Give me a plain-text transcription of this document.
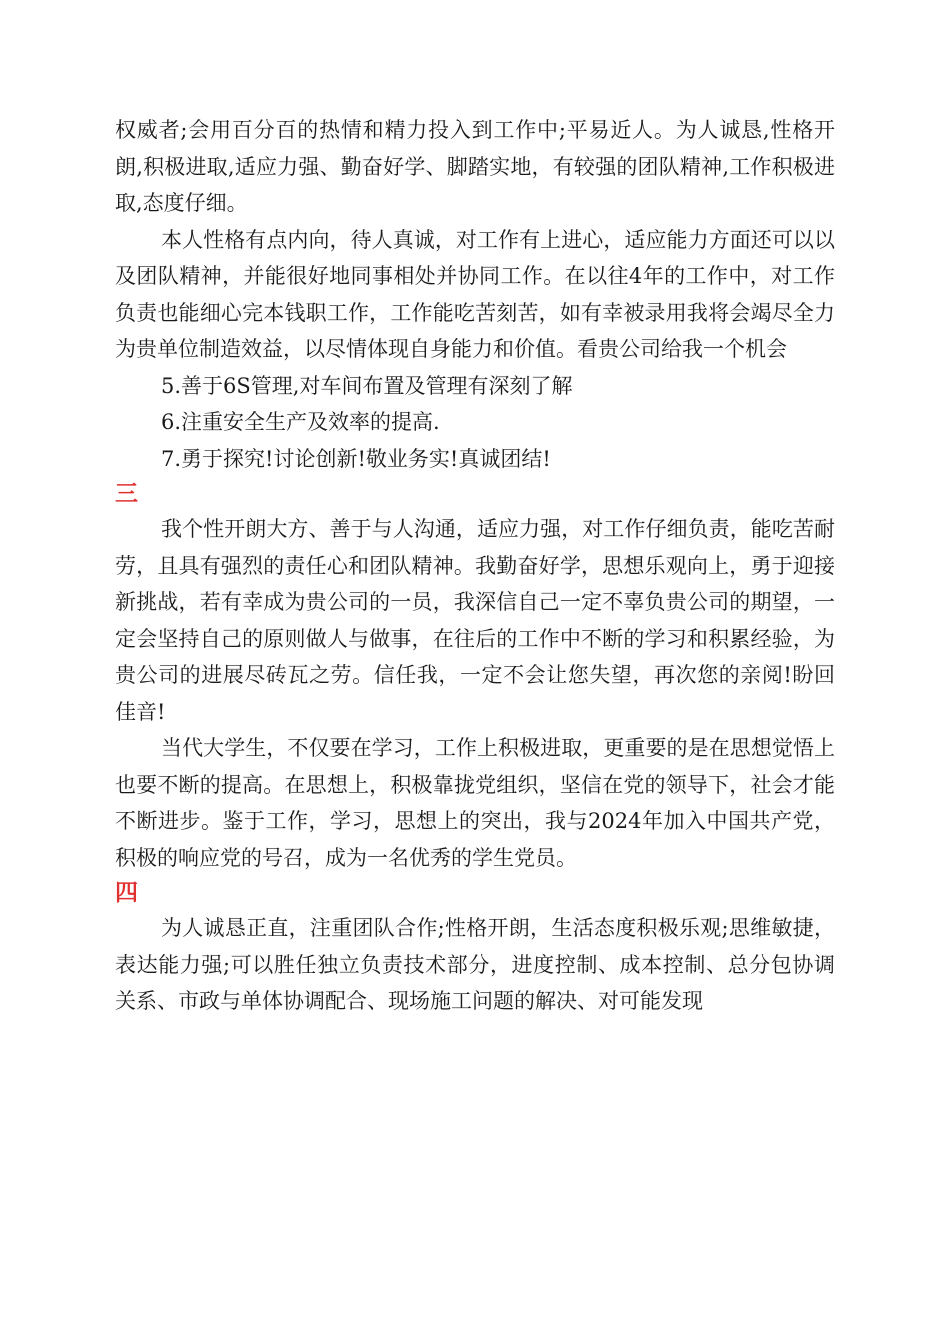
权威者;会用百分百的热情和精力投入到工作中;平易近人。为人诚恳,性格开朗,积极进取,适应力强、勤奋好学、脚踏实地，有较强的团队精神,工作积极进取,态度仔细。

本人性格有点内向，待人真诚，对工作有上进心，适应能力方面还可以以及团队精神，并能很好地同事相处并协同工作。在以往4年的工作中，对工作负责也能细心完本钱职工作，工作能吃苦刻苦，如有幸被录用我将会竭尽全力为贵单位制造效益，以尽情体现自身能力和价值。看贵公司给我一个机会

5.善于6S管理,对车间布置及管理有深刻了解

6.注重安全生产及效率的提高.

7.勇于探究!讨论创新!敬业务实!真诚团结!

三

我个性开朗大方、善于与人沟通，适应力强，对工作仔细负责，能吃苦耐劳，且具有强烈的责任心和团队精神。我勤奋好学，思想乐观向上，勇于迎接新挑战，若有幸成为贵公司的一员，我深信自己一定不辜负贵公司的期望，一定会坚持自己的原则做人与做事，在往后的工作中不断的学习和积累经验，为贵公司的进展尽砖瓦之劳。信任我，一定不会让您失望，再次您的亲阅!盼回佳音!

当代大学生，不仅要在学习，工作上积极进取，更重要的是在思想觉悟上也要不断的提高。在思想上，积极靠拢党组织，坚信在党的领导下，社会才能不断进步。鉴于工作，学习，思想上的突出，我与2024年加入中国共产党，积极的响应党的号召，成为一名优秀的学生党员。

四

为人诚恳正直，注重团队合作;性格开朗，生活态度积极乐观;思维敏捷，表达能力强;可以胜任独立负责技术部分，进度控制、成本控制、总分包协调关系、市政与单体协调配合、现场施工问题的解决、对可能发现
